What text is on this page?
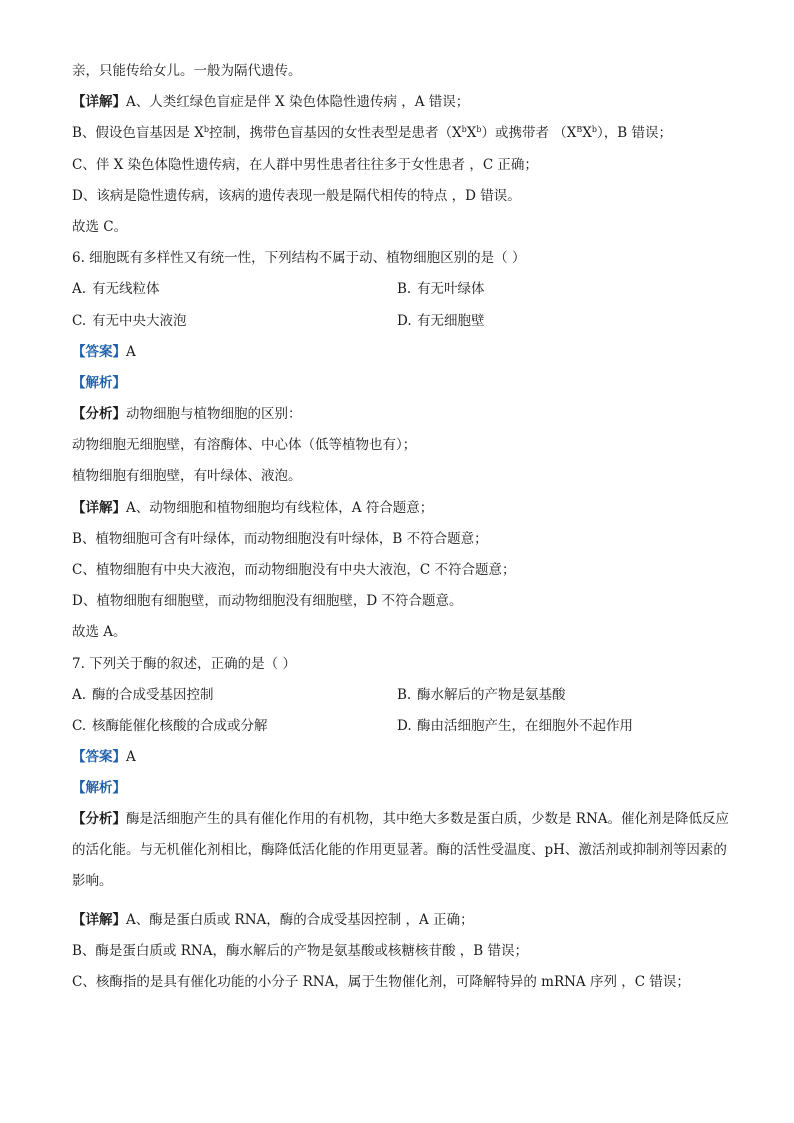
亲，只能传给女儿。一般为隔代遗传。
【详解】A、人类红绿色盲症是伴 X 染色体隐性遗传病 ，A 错误；
B、假设色盲基因是 $X^b$控制，携带色盲基因的女性表型是患者$(X^bX^b)$或携带者 $(X^BX^b)$，B 错误；
C、伴 X 染色体隐性遗传病，在人群中男性患者往往多于女性患者 ，C 正确；
D、该病是隐性遗传病，该病的遗传表现一般是隔代相传的特点 ，D 错误。
故选 C。
6. 细胞既有多样性又有统一性，下列结构不属于动、植物细胞区别的是（ ）
A. 有无线粒体	B. 有无叶绿体
C. 有无中央大液泡	D. 有无细胞壁
【答案】A
【解析】
【分析】动物细胞与植物细胞的区别：
动物细胞无细胞壁，有溶酶体、中心体（低等植物也有）；
植物细胞有细胞壁，有叶绿体、液泡。
【详解】A、动物细胞和植物细胞均有线粒体，A 符合题意；
B、植物细胞可含有叶绿体，而动物细胞没有叶绿体，B 不符合题意；
C、植物细胞有中央大液泡，而动物细胞没有中央大液泡，C 不符合题意；
D、植物细胞有细胞壁，而动物细胞没有细胞壁，D 不符合题意。
故选 A。
7. 下列关于酶的叙述，正确的是（ ）
A. 酶的合成受基因控制	B. 酶水解后的产物是氨基酸
C. 核酶能催化核酸的合成或分解	D. 酶由活细胞产生，在细胞外不起作用
【答案】A
【解析】
【分析】酶是活细胞产生的具有催化作用的有机物，其中绝大多数是蛋白质，少数是 RNA。催化剂是降低反应的活化能。与无机催化剂相比，酶降低活化能的作用更显著。酶的活性受温度、pH、激活剂或抑制剂等因素的影响。
【详解】A、酶是蛋白质或 RNA，酶的合成受基因控制 ，A 正确；
B、酶是蛋白质或 RNA，酶水解后的产物是氨基酸或核糖核苷酸 ，B 错误；
C、核酶指的是具有催化功能的小分子 RNA，属于生物催化剂，可降解特异的 mRNA 序列 ，C 错误；
